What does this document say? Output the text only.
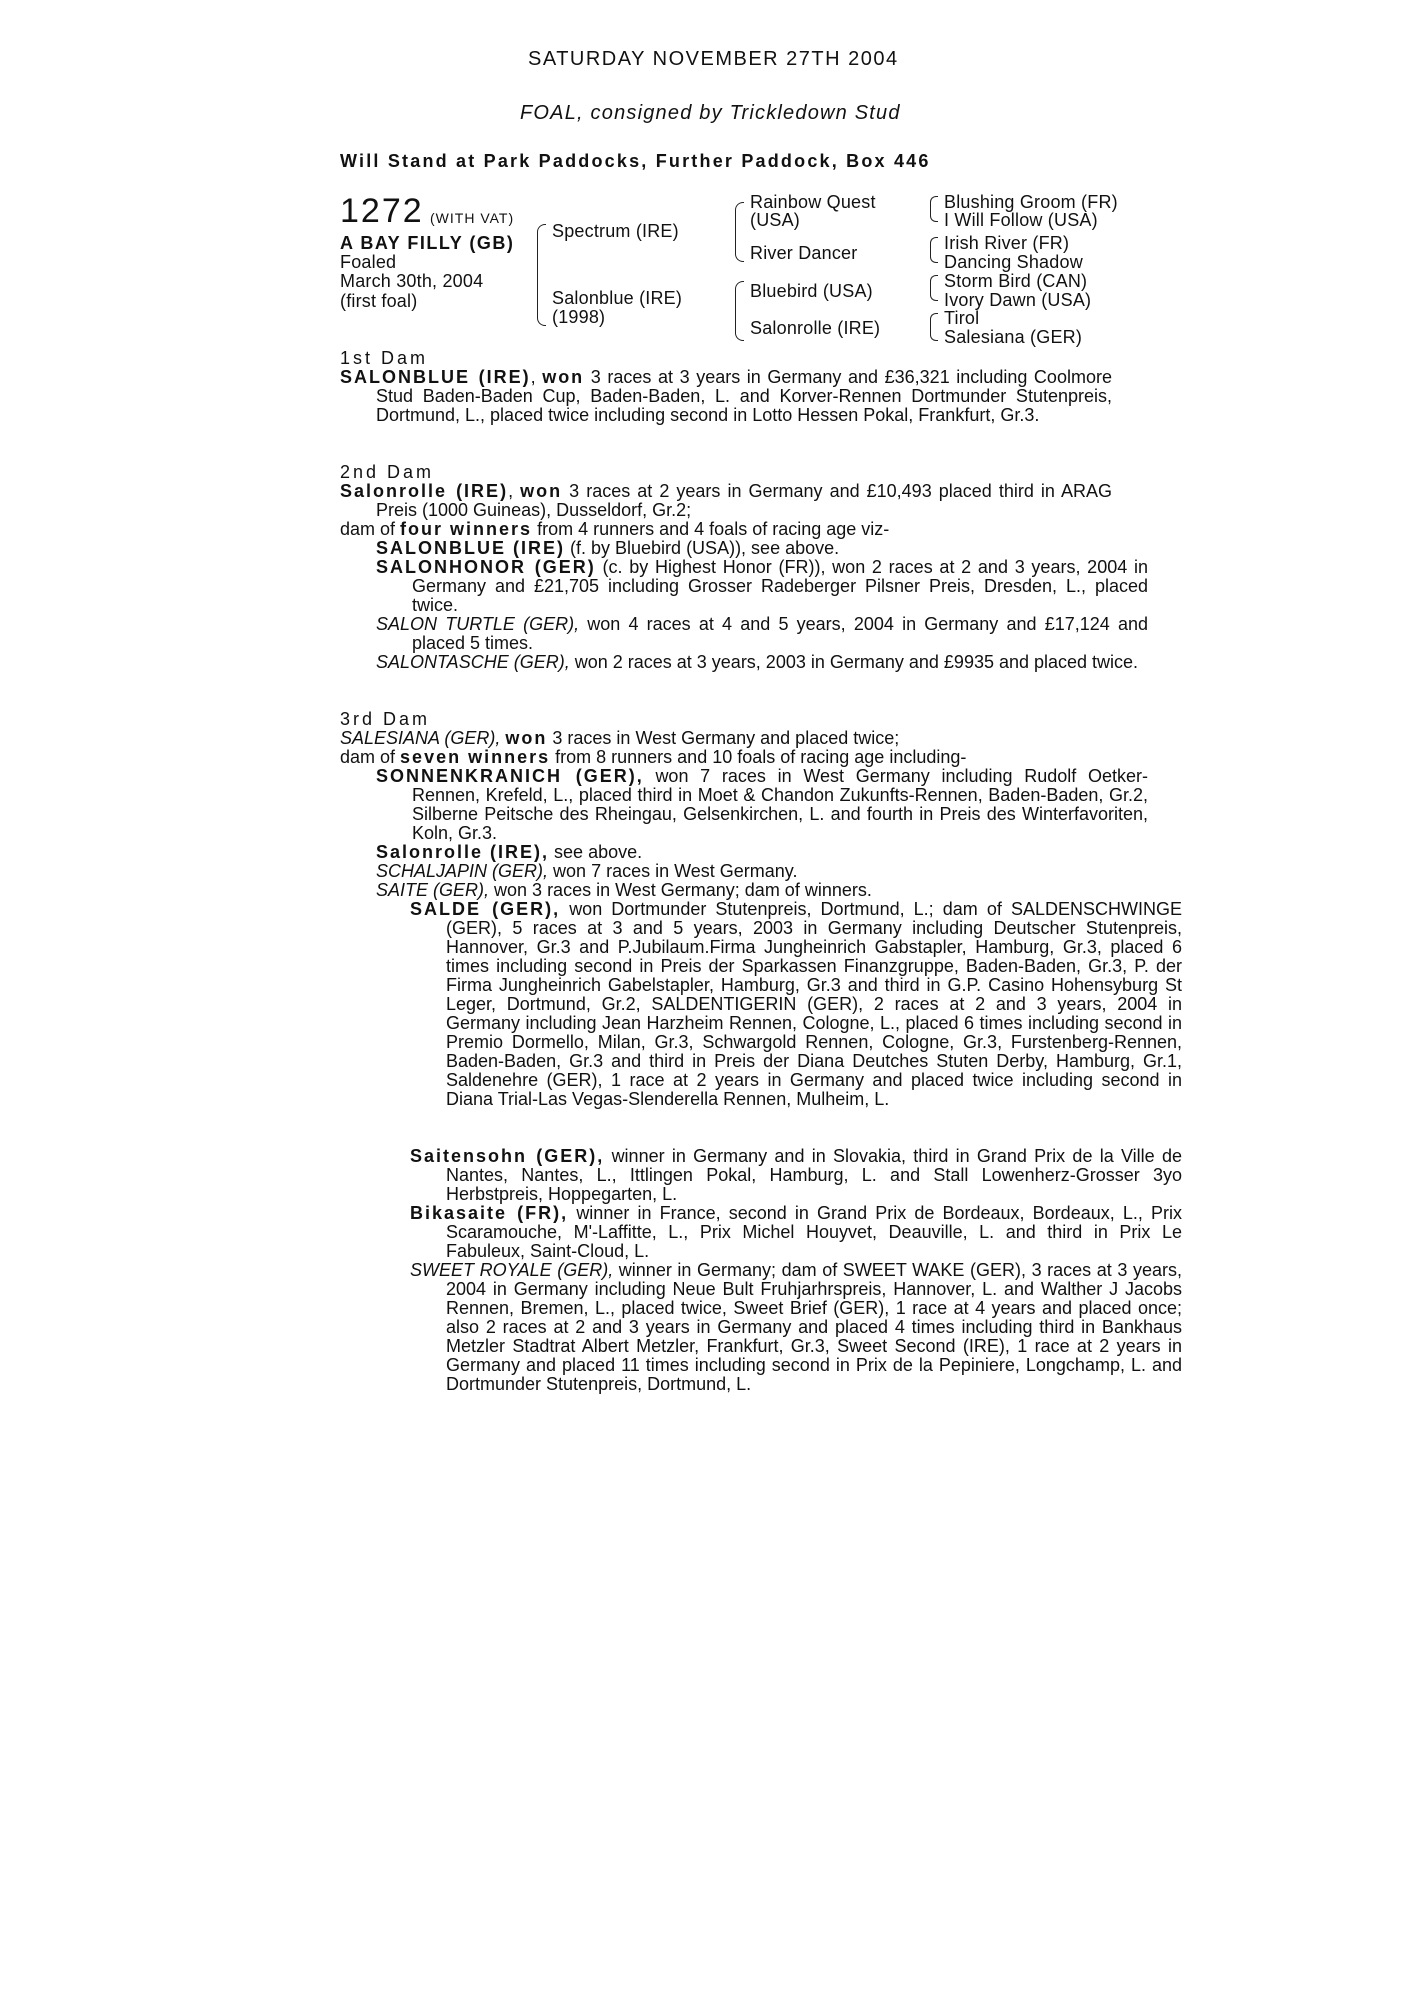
SATURDAY NOVEMBER 27TH 2004
FOAL, consigned by Trickledown Stud
Will Stand at Park Paddocks, Further Paddock, Box 446
1272 (WITH VAT)
A BAY FILLY (GB)
Foaled
March 30th, 2004
(first foal)
Spectrum (IRE)
Salonblue (IRE)
(1998)
Rainbow Quest
(USA)
River Dancer
Bluebird (USA)
Salonrolle (IRE)
Blushing Groom (FR)
I Will Follow (USA)
Irish River (FR)
Dancing Shadow
Storm Bird (CAN)
Ivory Dawn (USA)
Tirol
Salesiana (GER)
1st Dam
SALONBLUE (IRE), won 3 races at 3 years in Germany and £36,321 including Coolmore Stud Baden-Baden Cup, Baden-Baden, L. and Korver-Rennen Dortmunder Stutenpreis, Dortmund, L., placed twice including second in Lotto Hessen Pokal, Frankfurt, Gr.3.
2nd Dam
Salonrolle (IRE), won 3 races at 2 years in Germany and £10,493 placed third in ARAG Preis (1000 Guineas), Dusseldorf, Gr.2;
dam of four winners from 4 runners and 4 foals of racing age viz-
SALONBLUE (IRE) (f. by Bluebird (USA)), see above.
SALONHONOR (GER) (c. by Highest Honor (FR)), won 2 races at 2 and 3 years, 2004 in Germany and £21,705 including Grosser Radeberger Pilsner Preis, Dresden, L., placed twice.
SALON TURTLE (GER), won 4 races at 4 and 5 years, 2004 in Germany and £17,124 and placed 5 times.
SALONTASCHE (GER), won 2 races at 3 years, 2003 in Germany and £9935 and placed twice.
3rd Dam
SALESIANA (GER), won 3 races in West Germany and placed twice;
dam of seven winners from 8 runners and 10 foals of racing age including-
SONNENKRANICH (GER), won 7 races in West Germany including Rudolf Oetker-Rennen, Krefeld, L., placed third in Moet & Chandon Zukunfts-Rennen, Baden-Baden, Gr.2, Silberne Peitsche des Rheingau, Gelsenkirchen, L. and fourth in Preis des Winterfavoriten, Koln, Gr.3.
Salonrolle (IRE), see above.
SCHALJAPIN (GER), won 7 races in West Germany.
SAITE (GER), won 3 races in West Germany; dam of winners.
SALDE (GER), won Dortmunder Stutenpreis, Dortmund, L.; dam of SALDENSCHWINGE (GER), 5 races at 3 and 5 years, 2003 in Germany including Deutscher Stutenpreis, Hannover, Gr.3 and P.Jubilaum.Firma Jungheinrich Gabstapler, Hamburg, Gr.3, placed 6 times including second in Preis der Sparkassen Finanzgruppe, Baden-Baden, Gr.3, P. der Firma Jungheinrich Gabelstapler, Hamburg, Gr.3 and third in G.P. Casino Hohensyburg St Leger, Dortmund, Gr.2, SALDENTIGERIN (GER), 2 races at 2 and 3 years, 2004 in Germany including Jean Harzheim Rennen, Cologne, L., placed 6 times including second in Premio Dormello, Milan, Gr.3, Schwargold Rennen, Cologne, Gr.3, Furstenberg-Rennen, Baden-Baden, Gr.3 and third in Preis der Diana Deutches Stuten Derby, Hamburg, Gr.1, Saldenehre (GER), 1 race at 2 years in Germany and placed twice including second in Diana Trial-Las Vegas-Slenderella Rennen, Mulheim, L.
Saitensohn (GER), winner in Germany and in Slovakia, third in Grand Prix de la Ville de Nantes, Nantes, L., Ittlingen Pokal, Hamburg, L. and Stall Lowenherz-Grosser 3yo Herbstpreis, Hoppegarten, L.
Bikasaite (FR), winner in France, second in Grand Prix de Bordeaux, Bordeaux, L., Prix Scaramouche, M'-Laffitte, L., Prix Michel Houyvet, Deauville, L. and third in Prix Le Fabuleux, Saint-Cloud, L.
SWEET ROYALE (GER), winner in Germany; dam of SWEET WAKE (GER), 3 races at 3 years, 2004 in Germany including Neue Bult Fruhjarhrspreis, Hannover, L. and Walther J Jacobs Rennen, Bremen, L., placed twice, Sweet Brief (GER), 1 race at 4 years and placed once; also 2 races at 2 and 3 years in Germany and placed 4 times including third in Bankhaus Metzler Stadtrat Albert Metzler, Frankfurt, Gr.3, Sweet Second (IRE), 1 race at 2 years in Germany and placed 11 times including second in Prix de la Pepiniere, Longchamp, L. and Dortmunder Stutenpreis, Dortmund, L.
